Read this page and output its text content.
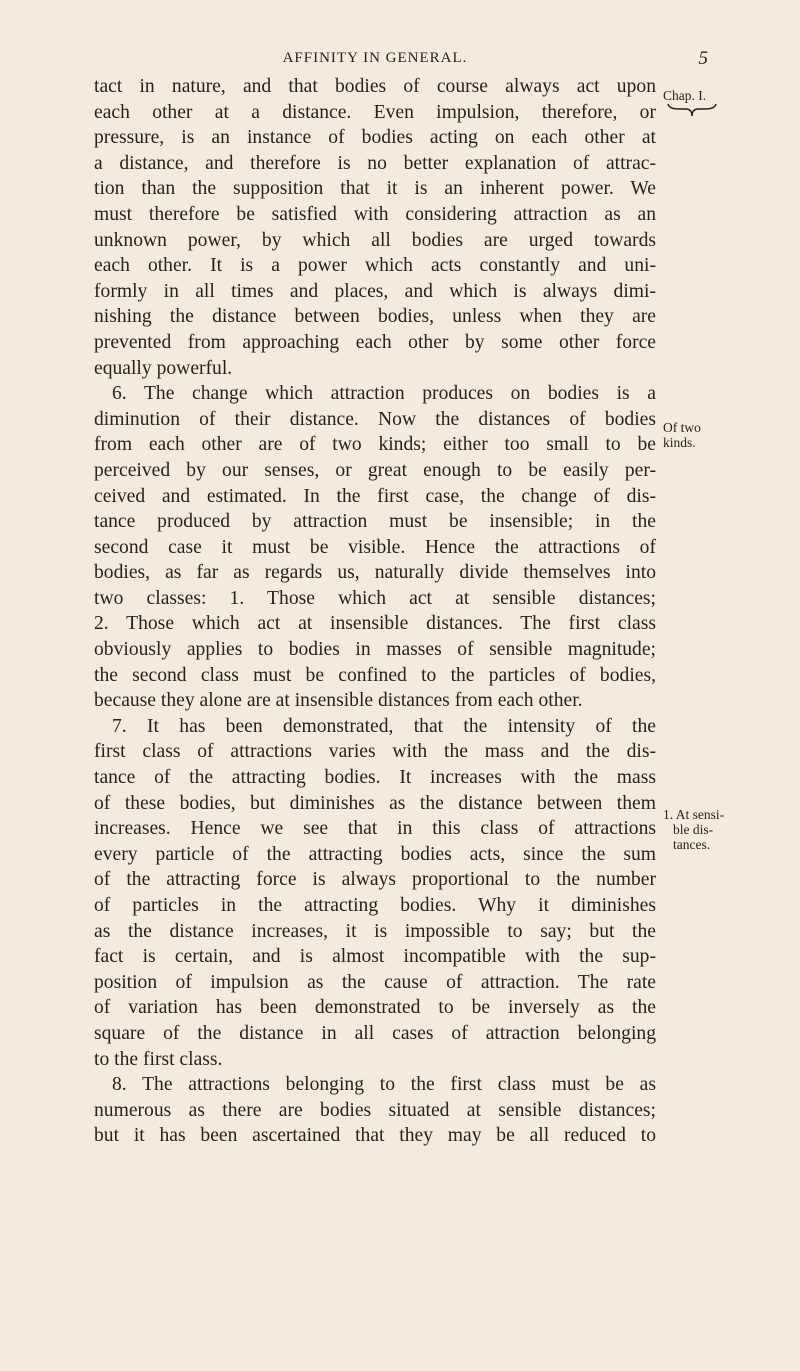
AFFINITY IN GENERAL.	5
tact in nature, and that bodies of course always act upon
each other at a distance. Even impulsion, therefore, or
pressure, is an instance of bodies acting on each other at
a distance, and therefore is no better explanation of attrac-
tion than the supposition that it is an inherent power. We
must therefore be satisfied with considering attraction as an
unknown power, by which all bodies are urged towards
each other. It is a power which acts constantly and uni-
formly in all times and places, and which is always dimi-
nishing the distance between bodies, unless when they are
prevented from approaching each other by some other force
equally powerful.
6. The change which attraction produces on bodies is a
diminution of their distance. Now the distances of bodies
from each other are of two kinds; either too small to be
perceived by our senses, or great enough to be easily per-
ceived and estimated. In the first case, the change of dis-
tance produced by attraction must be insensible; in the
second case it must be visible. Hence the attractions of
bodies, as far as regards us, naturally divide themselves into
two classes: 1. Those which act at sensible distances;
2. Those which act at insensible distances. The first class
obviously applies to bodies in masses of sensible magnitude;
the second class must be confined to the particles of bodies,
because they alone are at insensible distances from each other.
7. It has been demonstrated, that the intensity of the
first class of attractions varies with the mass and the dis-
tance of the attracting bodies. It increases with the mass
of these bodies, but diminishes as the distance between them
increases. Hence we see that in this class of attractions
every particle of the attracting bodies acts, since the sum
of the attracting force is always proportional to the number
of particles in the attracting bodies. Why it diminishes
as the distance increases, it is impossible to say; but the
fact is certain, and is almost incompatible with the sup-
position of impulsion as the cause of attraction. The rate
of variation has been demonstrated to be inversely as the
square of the distance in all cases of attraction belonging
to the first class.
8. The attractions belonging to the first class must be as
numerous as there are bodies situated at sensible distances;
but it has been ascertained that they may be all reduced to
Chap. I.
Of two
kinds.
1. At sensi-
ble dis-
tances.
